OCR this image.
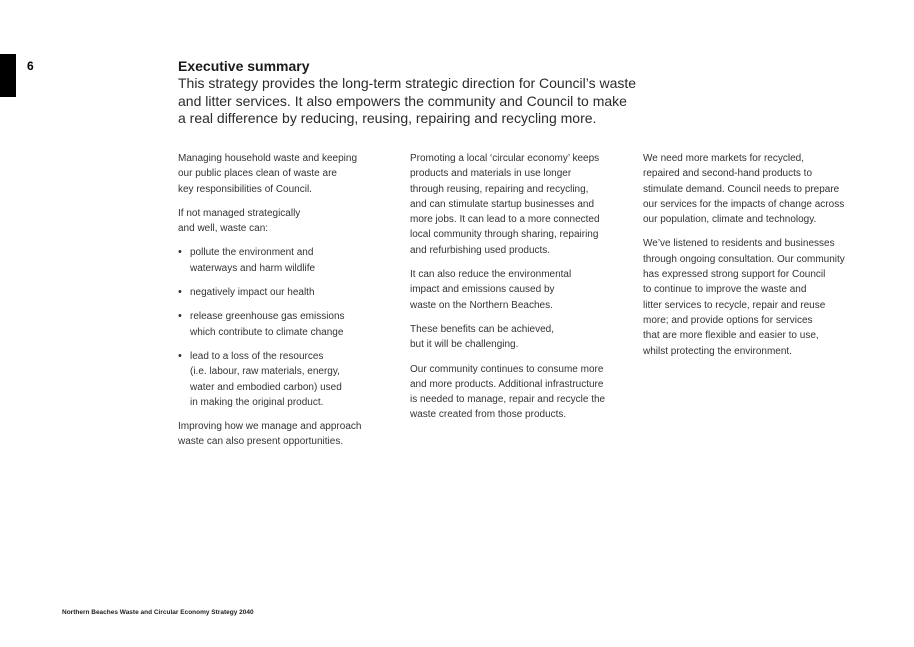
6	Executive summary

This strategy provides the long-term strategic direction for Council’s waste
and litter services. It also empowers the community and Council to make
a real difference by reducing, reusing, repairing and recycling more.

Managing household waste and keeping
our public places clean of waste are
key responsibilities of Council.

If not managed strategically
and well, waste can:

• pollute the environment and
waterways and harm wildlife
• negatively impact our health
• release greenhouse gas emissions
which contribute to climate change
• lead to a loss of the resources
(i.e. labour, raw materials, energy,
water and embodied carbon) used
in making the original product.

Improving how we manage and approach
waste can also present opportunities.

Promoting a local ‘circular economy’ keeps
products and materials in use longer
through reusing, repairing and recycling,
and can stimulate startup businesses and
more jobs. It can lead to a more connected
local community through sharing, repairing
and refurbishing used products.

It can also reduce the environmental
impact and emissions caused by
waste on the Northern Beaches.

These benefits can be achieved,
but it will be challenging.

Our community continues to consume more
and more products. Additional infrastructure
is needed to manage, repair and recycle the
waste created from those products.

We need more markets for recycled,
repaired and second-hand products to
stimulate demand. Council needs to prepare
our services for the impacts of change across
our population, climate and technology.

We’ve listened to residents and businesses
through ongoing consultation. Our community
has expressed strong support for Council
to continue to improve the waste and
litter services to recycle, repair and reuse
more; and provide options for services
that are more flexible and easier to use,
whilst protecting the environment.

Northern Beaches Waste and Circular Economy Strategy 2040
